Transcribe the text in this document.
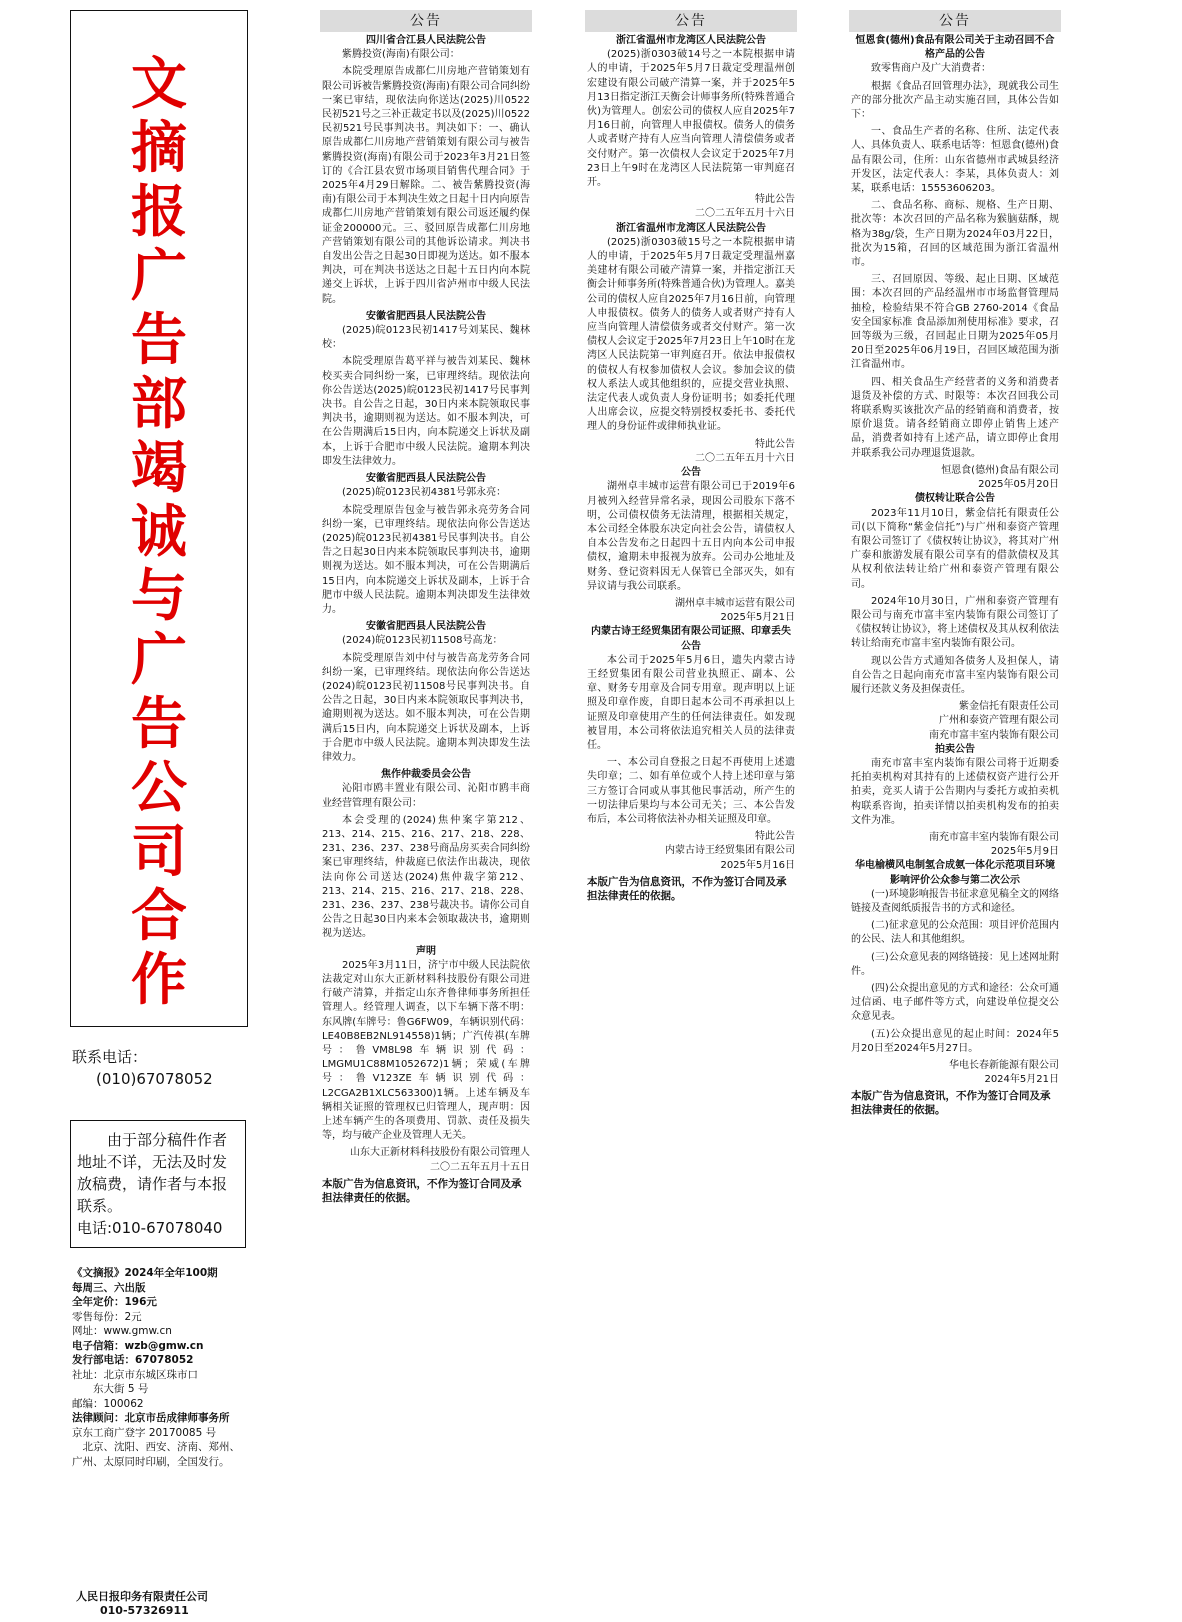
文
摘
报
广
告
部
竭
诚
与
广
告
公
司
合
作
联系电话：
(010)67078052
由于部分稿件作者地址不详，无法及时发放稿费，请作者与本报联系。
电话:010-67078040
《文摘报》2024年全年100期
每周三、六出版
全年定价：196元
零售每份：2元
网址：www.gmw.cn
电子信箱：wzb@gmw.cn
发行部电话：67078052
社址：北京市东城区珠市口
　　东大街 5 号
邮编：100062
法律顾问：北京市岳成律师事务所
京东工商广登字 20170085 号
　北京、沈阳、西安、济南、郑州、广州、太原同时印刷，全国发行。
人民日报印务有限责任公司
010-57326911
公告
四川省合江县人民法院公告
紫腾投资(海南)有限公司：
本院受理原告成都仁川房地产营销策划有限公司诉被告紫腾投资(海南)有限公司合同纠纷一案已审结，现依法向你送达(2025)川0522民初521号之三补正裁定书以及(2025)川0522民初521号民事判决书。判决如下：一、确认原告成都仁川房地产营销策划有限公司与被告紫腾投资(海南)有限公司于2023年3月21日签订的《合江县农贸市场项目销售代理合同》于2025年4月29日解除。二、被告紫腾投资(海南)有限公司于本判决生效之日起十日内向原告成都仁川房地产营销策划有限公司返还履约保证金200000元。三、驳回原告成都仁川房地产营销策划有限公司的其他诉讼请求。判决书自发出公告之日起30日即视为送达。如不服本判决，可在判决书送达之日起十五日内向本院递交上诉状，上诉于四川省泸州市中级人民法院。
安徽省肥西县人民法院公告
(2025)皖0123民初1417号刘某民、魏林校：
本院受理原告葛平祥与被告刘某民、魏林校买卖合同纠纷一案，已审理终结。现依法向你公告送达(2025)皖0123民初1417号民事判决书。自公告之日起，30日内来本院领取民事判决书，逾期则视为送达。如不服本判决，可在公告期满后15日内，向本院递交上诉状及副本，上诉于合肥市中级人民法院。逾期本判决即发生法律效力。
安徽省肥西县人民法院公告
(2025)皖0123民初4381号郭永亮：
本院受理原告包金与被告郭永亮劳务合同纠纷一案，已审理终结。现依法向你公告送达(2025)皖0123民初4381号民事判决书。自公告之日起30日内来本院领取民事判决书，逾期则视为送达。如不服本判决，可在公告期满后15日内，向本院递交上诉状及副本，上诉于合肥市中级人民法院。逾期本判决即发生法律效力。
安徽省肥西县人民法院公告
(2024)皖0123民初11508号高龙：
本院受理原告刘中付与被告高龙劳务合同纠纷一案，已审理终结。现依法向你公告送达(2024)皖0123民初11508号民事判决书。自公告之日起，30日内来本院领取民事判决书，逾期则视为送达。如不服本判决，可在公告期满后15日内，向本院递交上诉状及副本，上诉于合肥市中级人民法院。逾期本判决即发生法律效力。
焦作仲裁委员会公告
沁阳市鸥丰置业有限公司、沁阳市鸥丰商业经营管理有限公司：
本会受理的(2024)焦仲案字第212、213、214、215、216、217、218、228、231、236、237、238号商品房买卖合同纠纷案已审理终结，仲裁庭已依法作出裁决，现依法向你公司送达(2024)焦仲裁字第212、213、214、215、216、217、218、228、231、236、237、238号裁决书。请你公司自公告之日起30日内来本会领取裁决书，逾期则视为送达。
声明
2025年3月11日，济宁市中级人民法院依法裁定对山东大正新材料科技股份有限公司进行破产清算，并指定山东齐鲁律师事务所担任管理人。经管理人调查，以下车辆下落不明：东风牌(车牌号：鲁G6FW09，车辆识别代码：LE40B8EB2NL914558)1辆；广汽传祺(车牌号：鲁VM8L98车辆识别代码：LMGMU1C88M1052672)1辆；荣威(车牌号：鲁V123ZE车辆识别代码：L2CGA2B1XLC563300)1辆。上述车辆及车辆相关证照的管理权已归管理人，现声明：因上述车辆产生的各项费用、罚款、责任及损失等，均与破产企业及管理人无关。
山东大正新材料科技股份有限公司管理人
二〇二五年五月十五日
本版广告为信息资讯，不作为签订合同及承担法律责任的依据。
公告
浙江省温州市龙湾区人民法院公告
(2025)浙0303破14号之一本院根据申请人的申请，于2025年5月7日裁定受理温州创宏建设有限公司破产清算一案，并于2025年5月13日指定浙江天衡会计师事务所(特殊普通合伙)为管理人。创宏公司的债权人应自2025年7月16日前，向管理人申报债权。债务人的债务人或者财产持有人应当向管理人清偿债务或者交付财产。第一次债权人会议定于2025年7月23日上午9时在龙湾区人民法院第一审判庭召开。
特此公告
二〇二五年五月十六日
浙江省温州市龙湾区人民法院公告
(2025)浙0303破15号之一本院根据申请人的申请，于2025年5月7日裁定受理温州嘉美建材有限公司破产清算一案，并指定浙江天衡会计师事务所(特殊普通合伙)为管理人。嘉美公司的债权人应自2025年7月16日前，向管理人申报债权。债务人的债务人或者财产持有人应当向管理人清偿债务或者交付财产。第一次债权人会议定于2025年7月23日上午10时在龙湾区人民法院第一审判庭召开。依法申报债权的债权人有权参加债权人会议。参加会议的债权人系法人或其他组织的，应提交营业执照、法定代表人或负责人身份证明书；如委托代理人出席会议，应提交特别授权委托书、委托代理人的身份证件或律师执业证。
特此公告
二〇二五年五月十六日
公告
湖州卓丰城市运营有限公司已于2019年6月被列入经营异常名录，现因公司股东下落不明，公司债权债务无法清理，根据相关规定，本公司经全体股东决定向社会公告，请债权人自本公告发布之日起四十五日内向本公司申报债权，逾期未申报视为放弃。公司办公地址及财务、登记资料因无人保管已全部灭失，如有异议请与我公司联系。
湖州卓丰城市运营有限公司
2025年5月21日
内蒙古诗王经贸集团有限公司证照、印章丢失公告
本公司于2025年5月6日，遗失内蒙古诗王经贸集团有限公司营业执照正、副本、公章、财务专用章及合同专用章。现声明以上证照及印章作废，自即日起本公司不再承担以上证照及印章使用产生的任何法律责任。如发现被冒用，本公司将依法追究相关人员的法律责任。
一、本公司自登报之日起不再使用上述遗失印章；二、如有单位或个人持上述印章与第三方签订合同或从事其他民事活动，所产生的一切法律后果均与本公司无关；三、本公告发布后，本公司将依法补办相关证照及印章。
特此公告
内蒙古诗王经贸集团有限公司
2025年5月16日
本版广告为信息资讯，不作为签订合同及承担法律责任的依据。
公告
恒恩食(德州)食品有限公司关于主动召回不合格产品的公告
致零售商户及广大消费者：
根据《食品召回管理办法》，现就我公司生产的部分批次产品主动实施召回，具体公告如下：
一、食品生产者的名称、住所、法定代表人、具体负责人、联系电话等：恒恩食(德州)食品有限公司，住所：山东省德州市武城县经济开发区，法定代表人：李某，具体负责人：刘某，联系电话：15553606203。
二、食品名称、商标、规格、生产日期、批次等：本次召回的产品名称为猴脑菇酥，规格为38g/袋，生产日期为2024年03月22日，批次为15箱，召回的区域范围为浙江省温州市。
三、召回原因、等级、起止日期、区域范围：本次召回的产品经温州市市场监督管理局抽检，检验结果不符合GB 2760-2014《食品安全国家标准 食品添加剂使用标准》要求，召回等级为三级，召回起止日期为2025年05月20日至2025年06月19日，召回区域范围为浙江省温州市。
四、相关食品生产经营者的义务和消费者退货及补偿的方式、时限等：本次召回我公司将联系购买该批次产品的经销商和消费者，按原价退货。请各经销商立即停止销售上述产品，消费者如持有上述产品，请立即停止食用并联系我公司办理退货退款。
恒恩食(德州)食品有限公司
2025年05月20日
债权转让联合公告
2023年11月10日，紫金信托有限责任公司(以下简称“紫金信托”)与广州和泰资产管理有限公司签订了《债权转让协议》，将其对广州广泰和旅游发展有限公司享有的借款债权及其从权利依法转让给广州和泰资产管理有限公司。
2024年10月30日，广州和泰资产管理有限公司与南充市富丰室内装饰有限公司签订了《债权转让协议》，将上述债权及其从权利依法转让给南充市富丰室内装饰有限公司。
现以公告方式通知各债务人及担保人，请自公告之日起向南充市富丰室内装饰有限公司履行还款义务及担保责任。
紫金信托有限责任公司
广州和泰资产管理有限公司
南充市富丰室内装饰有限公司
拍卖公告
南充市富丰室内装饰有限公司将于近期委托拍卖机构对其持有的上述债权资产进行公开拍卖，竞买人请于公告期内与委托方或拍卖机构联系咨询，拍卖详情以拍卖机构发布的拍卖文件为准。
南充市富丰室内装饰有限公司
2025年5月9日
华电榆横风电制氢合成氨一体化示范项目环境影响评价公众参与第二次公示
(一)环境影响报告书征求意见稿全文的网络链接及查阅纸质报告书的方式和途径。
(二)征求意见的公众范围：项目评价范围内的公民、法人和其他组织。
(三)公众意见表的网络链接：见上述网址附件。
(四)公众提出意见的方式和途径：公众可通过信函、电子邮件等方式，向建设单位提交公众意见表。
(五)公众提出意见的起止时间：2024年5月20日至2024年5月27日。
华电长春新能源有限公司
2024年5月21日
本版广告为信息资讯，不作为签订合同及承担法律责任的依据。
